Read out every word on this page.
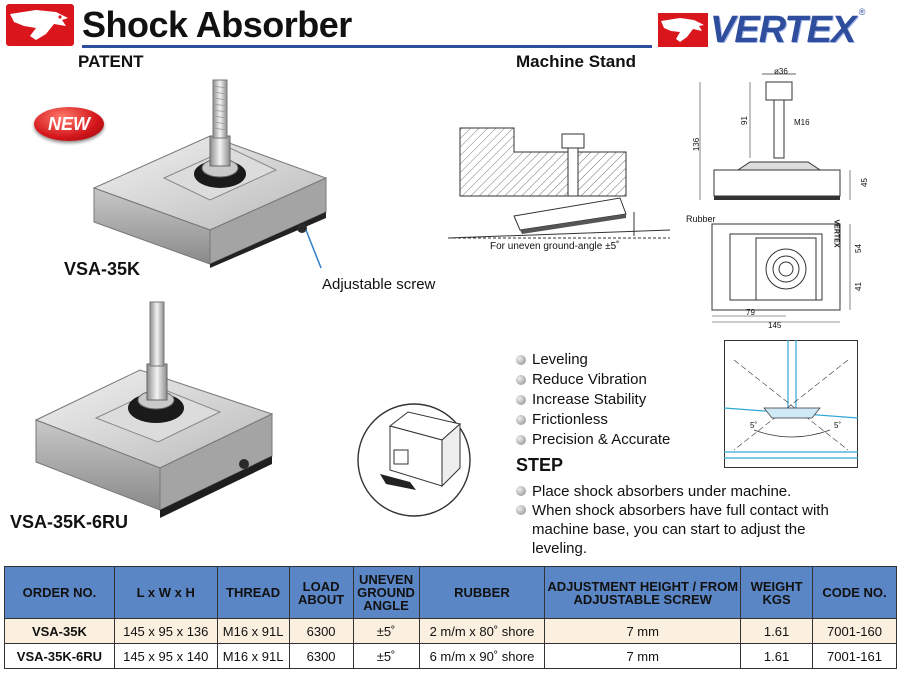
Shock Absorber	VERTEX ®
PATENT	Machine Stand
NEW
VSA-35K
VSA-35K-6RU
Adjustable screw
For uneven ground-angle ±5˚
ø36
91
136
M16
45
Rubber
VERTEX
54
41
79
145
5˚	5˚
Leveling
Reduce Vibration
Increase Stability
Frictionless
Precision & Accurate
STEP
Place shock absorbers under machine.
When shock absorbers have full contact with machine base, you can start to adjust the leveling.
ORDER NO.	L x W x H	THREAD	LOAD ABOUT	UNEVEN GROUND ANGLE	RUBBER	ADJUSTMENT HEIGHT / FROM ADJUSTABLE SCREW	WEIGHT KGS	CODE NO.
VSA-35K	145 x 95 x 136	M16 x 91L	6300	±5˚	2 m/m x 80˚ shore	7 mm	1.61	7001-160
VSA-35K-6RU	145 x 95 x 140	M16 x 91L	6300	±5˚	6 m/m x 90˚ shore	7 mm	1.61	7001-161
